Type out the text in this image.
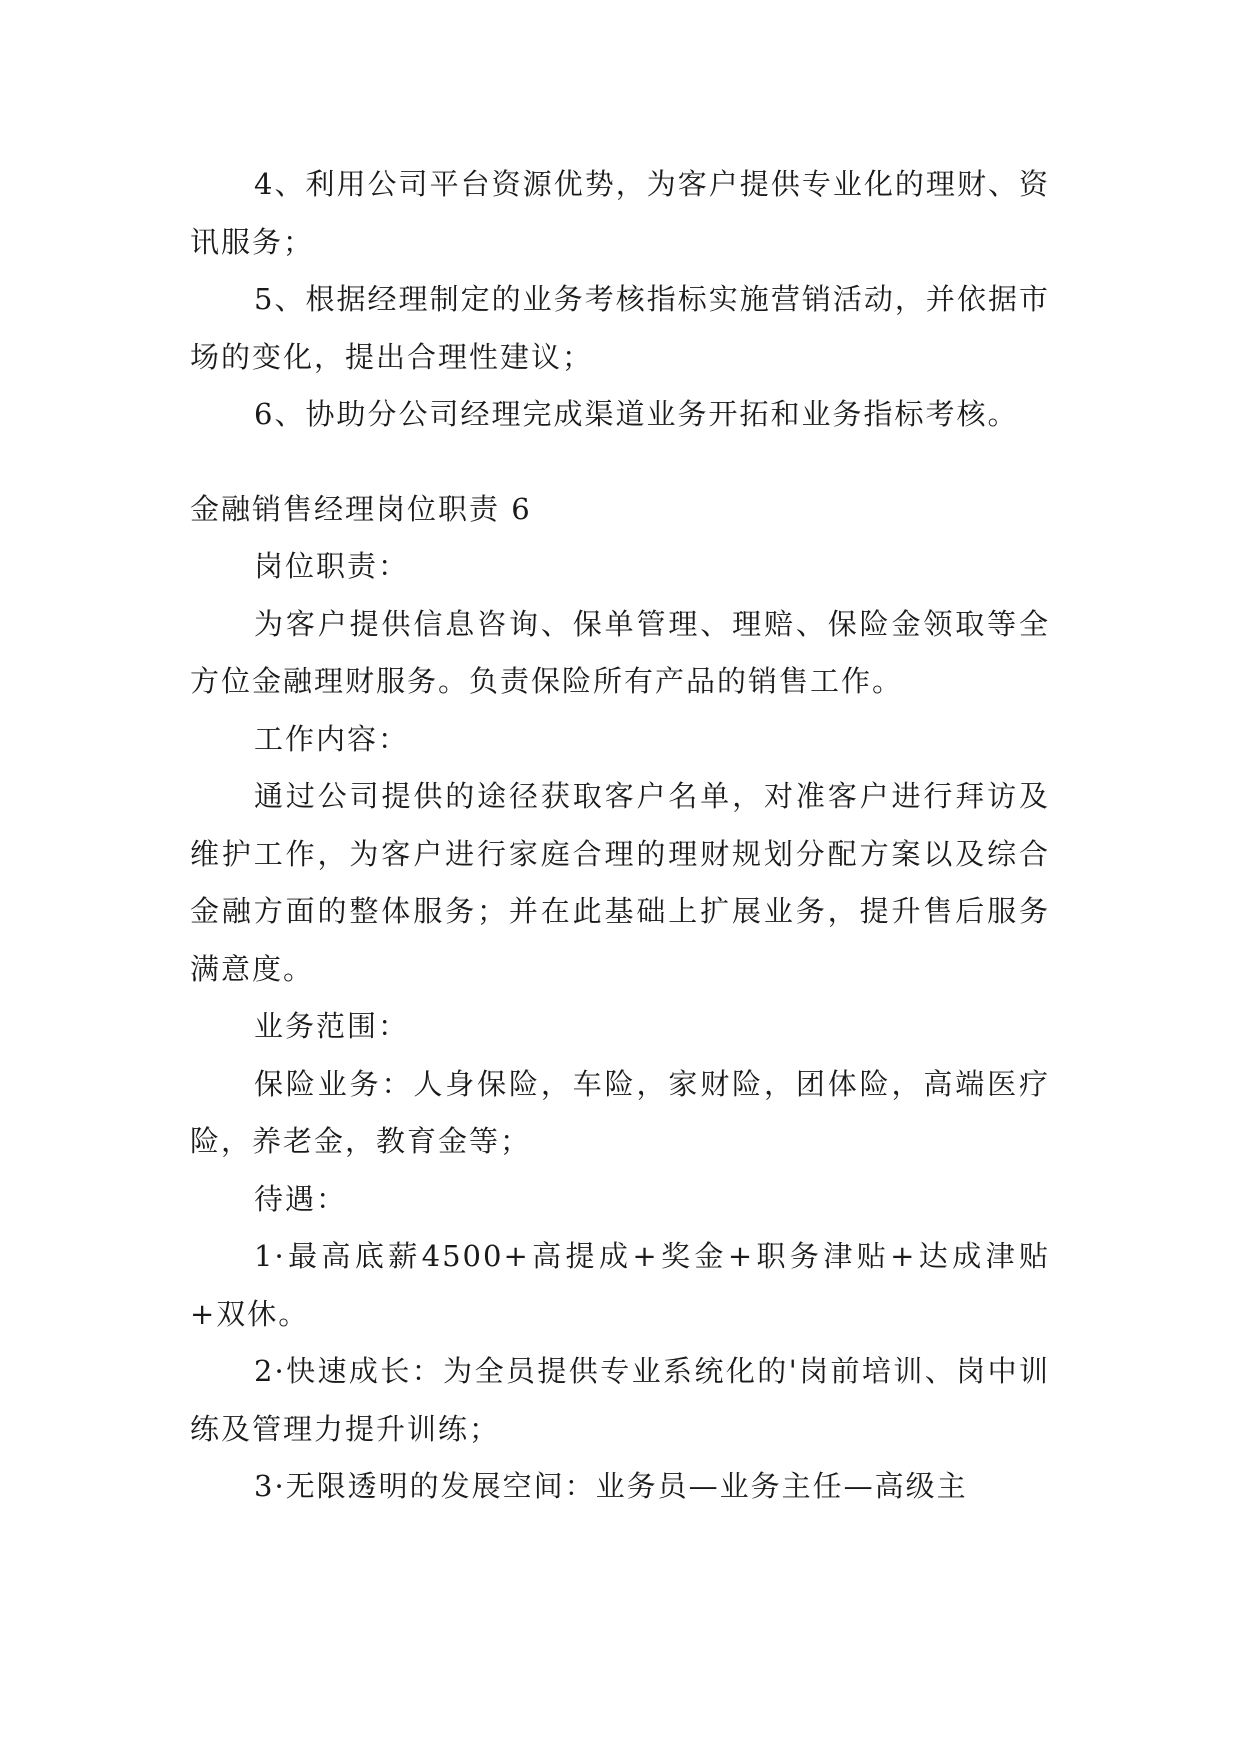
4、利用公司平台资源优势，为客户提供专业化的理财、资讯服务；

5、根据经理制定的业务考核指标实施营销活动，并依据市场的变化，提出合理性建议；

6、协助分公司经理完成渠道业务开拓和业务指标考核。

金融销售经理岗位职责 6

岗位职责：

为客户提供信息咨询、保单管理、理赔、保险金领取等全方位金融理财服务。负责保险所有产品的销售工作。

工作内容：

通过公司提供的途径获取客户名单，对准客户进行拜访及维护工作，为客户进行家庭合理的理财规划分配方案以及综合金融方面的整体服务；并在此基础上扩展业务，提升售后服务满意度。

业务范围：

保险业务：人身保险，车险，家财险，团体险，高端医疗险，养老金，教育金等；

待遇：

1·最高底薪4500+高提成+奖金+职务津贴+达成津贴+双休。

2·快速成长：为全员提供专业系统化的'岗前培训、岗中训练及管理力提升训练；

3·无限透明的发展空间：业务员—业务主任—高级主
